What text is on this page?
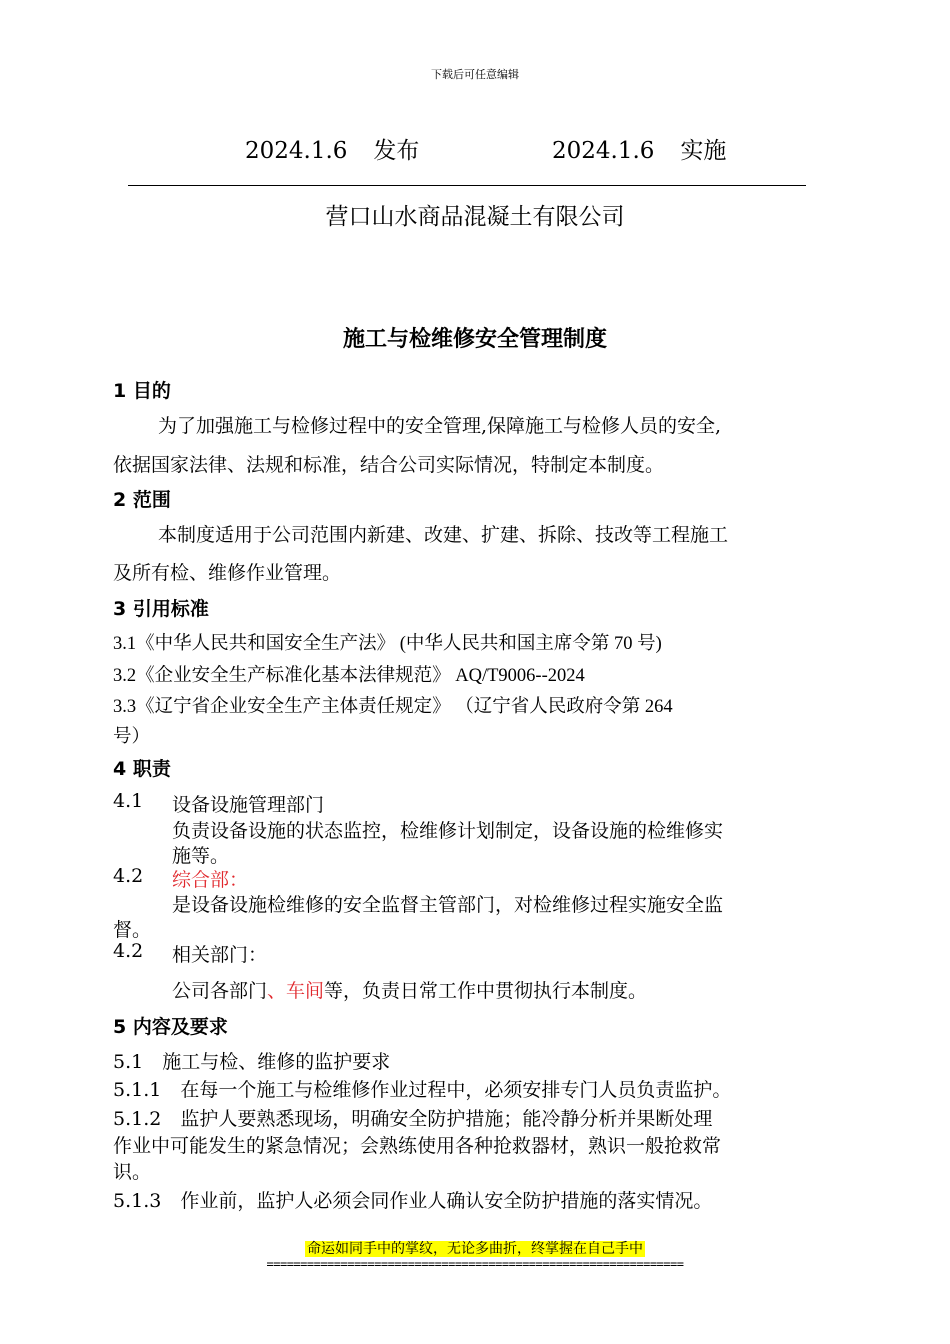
下载后可任意编辑
2024.1.6 发布	2024.1.6 实施
营口山水商品混凝土有限公司
施工与检维修安全管理制度
1 目的
为了加强施工与检修过程中的安全管理,保障施工与检修人员的安全,
依据国家法律、法规和标准，结合公司实际情况，特制定本制度。
2 范围
本制度适用于公司范围内新建、改建、扩建、拆除、技改等工程施工
及所有检、维修作业管理。
3 引用标准
3.1《中华人民共和国安全生产法》 (中华人民共和国主席令第 70 号)
3.2《企业安全生产标准化基本法律规范》 AQ/T9006--2024
3.3《辽宁省企业安全生产主体责任规定》 （辽宁省人民政府令第 264
号）
4 职责
4.1 设备设施管理部门
负责设备设施的状态监控，检维修计划制定，设备设施的检维修实
施等。
4.2 综合部：
是设备设施检维修的安全监督主管部门，对检维修过程实施安全监
督。
4.2 相关部门：
公司各部门、车间等，负责日常工作中贯彻执行本制度。
5 内容及要求
5.1　施工与检、维修的监护要求
5.1.1　在每一个施工与检维修作业过程中，必须安排专门人员负责监护。
5.1.2　监护人要熟悉现场，明确安全防护措施；能冷静分析并果断处理
作业中可能发生的紧急情况；会熟练使用各种抢救器材，熟识一般抢救常
识。
5.1.3　作业前，监护人必须会同作业人确认安全防护措施的落实情况。
命运如同手中的掌纹，无论多曲折，终掌握在自己手中
==============================================================
